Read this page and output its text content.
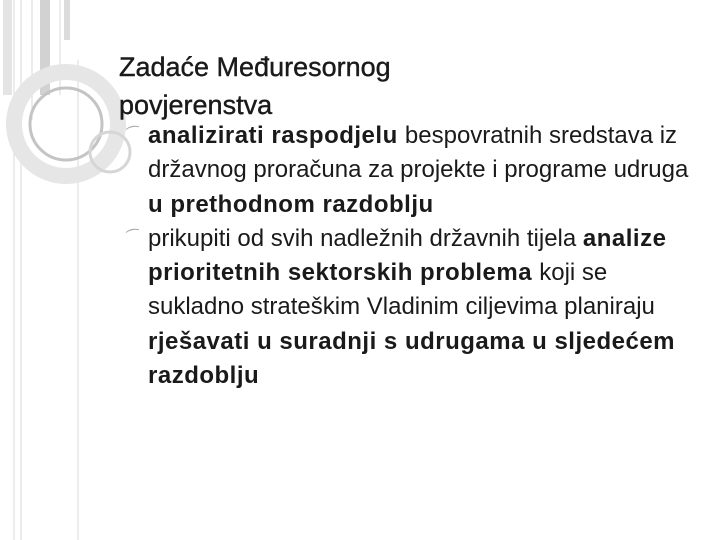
Zadaće Međuresornog
povjerenstva
⁀ analizirati raspodjelu bespovratnih sredstava iz državnog proračuna za projekte i programe udruga u prethodnom razdoblju
⁀ prikupiti od svih nadležnih državnih tijela analize prioritetnih sektorskih problema koji se sukladno strateškim Vladinim ciljevima planiraju rješavati u suradnji s udrugama u sljedećem razdoblju
